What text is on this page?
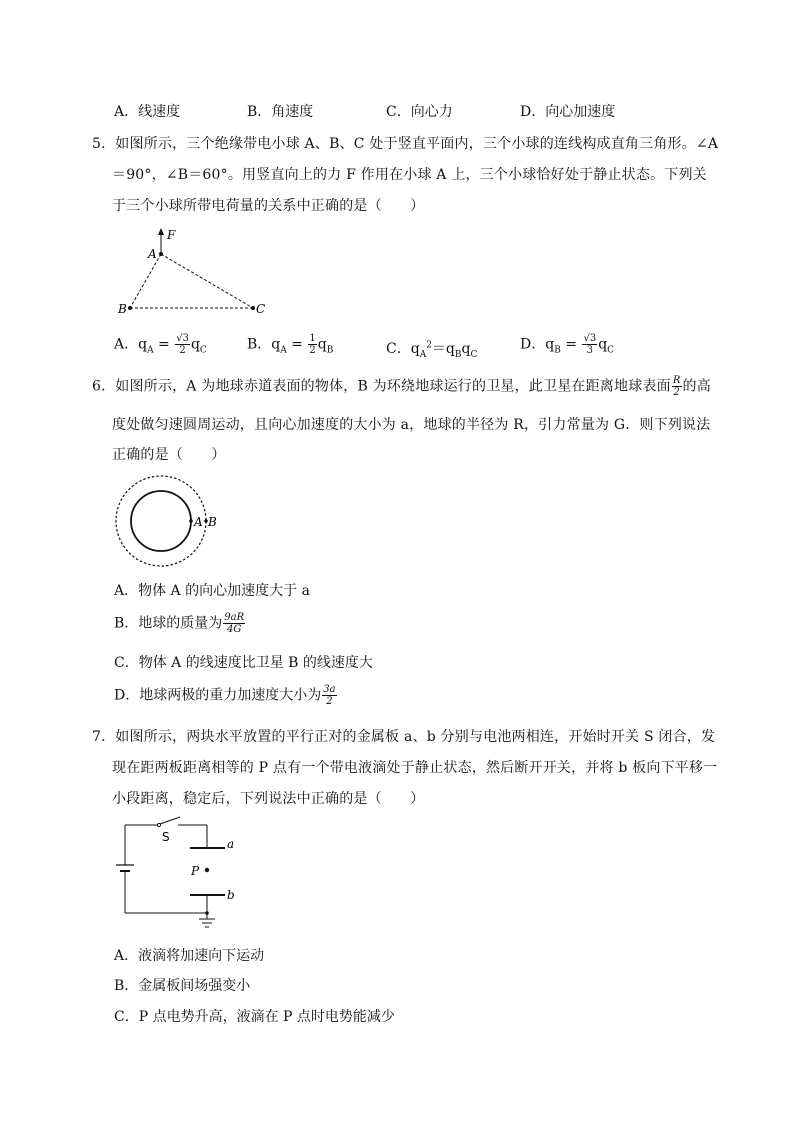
A．线速度	B．角速度	C．向心力	D．向心加速度
5．如图所示，三个绝缘带电小球 A、B、C 处于竖直平面内，三个小球的连线构成直角三角形。∠A
＝90°，∠B＝60°。用竖直向上的力 F 作用在小球 A 上，三个小球恰好处于静止状态。下列关
于三个小球所带电荷量的关系中正确的是（　　）
F
A
B	C
A．$q_A = \frac{√3}{2} q_C$	B．$q_A = \frac{1}{2} q_B$	C．$q_A^2=q_Bq_C$
D．$q_B = \frac{√3}{3} q_C$
6．如图所示，A 为地球赤道表面的物体，B 为环绕地球运行的卫星，此卫星在距离地球表面 $\frac{R}{2}$ 的高
度处做匀速圆周运动，且向心加速度的大小为 a，地球的半径为 R，引力常量为 G．则下列说法
正确的是（　　）
A B
A．物体 A 的向心加速度大于 a
B．地球的质量为 $\frac{9aR}{4G}$
C．物体 A 的线速度比卫星 B 的线速度大
D．地球两极的重力加速度大小为 $\frac{3a}{2}$
7．如图所示，两块水平放置的平行正对的金属板 a、b 分别与电池两相连，开始时开关 S 闭合，发
现在距两板距离相等的 P 点有一个带电液滴处于静止状态，然后断开开关，并将 b 板向下平移一
小段距离，稳定后，下列说法中正确的是（　　）
S	a
P
b
A．液滴将加速向下运动
B．金属板间场强变小
C．P 点电势升高，液滴在 P 点时电势能减少
